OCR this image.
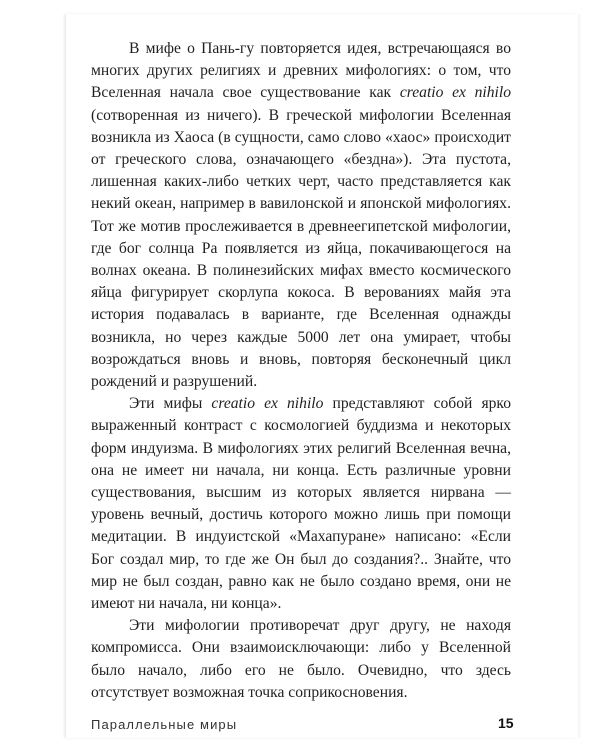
В мифе о Пань-гу повторяется идея, встречающаяся во многих других религиях и древних мифологиях: о том, что Вселенная начала свое существование как creatio ex nihilo (сотворенная из ничего). В греческой мифологии Вселенная возникла из Хаоса (в сущности, само слово «хаос» происходит от греческого слова, означающего «бездна»). Эта пустота, лишенная каких-либо четких черт, часто представляется как некий океан, например в вавилонской и японской мифологиях. Тот же мотив прослеживается в древнеегипетской мифологии, где бог солнца Ра появляется из яйца, покачивающегося на волнах океана. В полинезийских мифах вместо космического яйца фигурирует скорлупа кокоса. В верованиях майя эта история подавалась в варианте, где Вселенная однажды возникла, но через каждые 5000 лет она умирает, чтобы возрождаться вновь и вновь, повторяя бесконечный цикл рождений и разрушений.

Эти мифы creatio ex nihilo представляют собой ярко выраженный контраст с космологией буддизма и некоторых форм индуизма. В мифологиях этих религий Вселенная вечна, она не имеет ни начала, ни конца. Есть различные уровни существования, высшим из которых является нирвана — уровень вечный, достичь которого можно лишь при помощи медитации. В индуистской «Махапуране» написано: «Если Бог создал мир, то где же Он был до создания?.. Знайте, что мир не был создан, равно как не было создано время, они не имеют ни начала, ни конца».

Эти мифологии противоречат друг другу, не находя компромисса. Они взаимоисключающи: либо у Вселенной было начало, либо его не было. Очевидно, что здесь отсутствует возможная точка соприкосновения.

Параллельные миры	15
